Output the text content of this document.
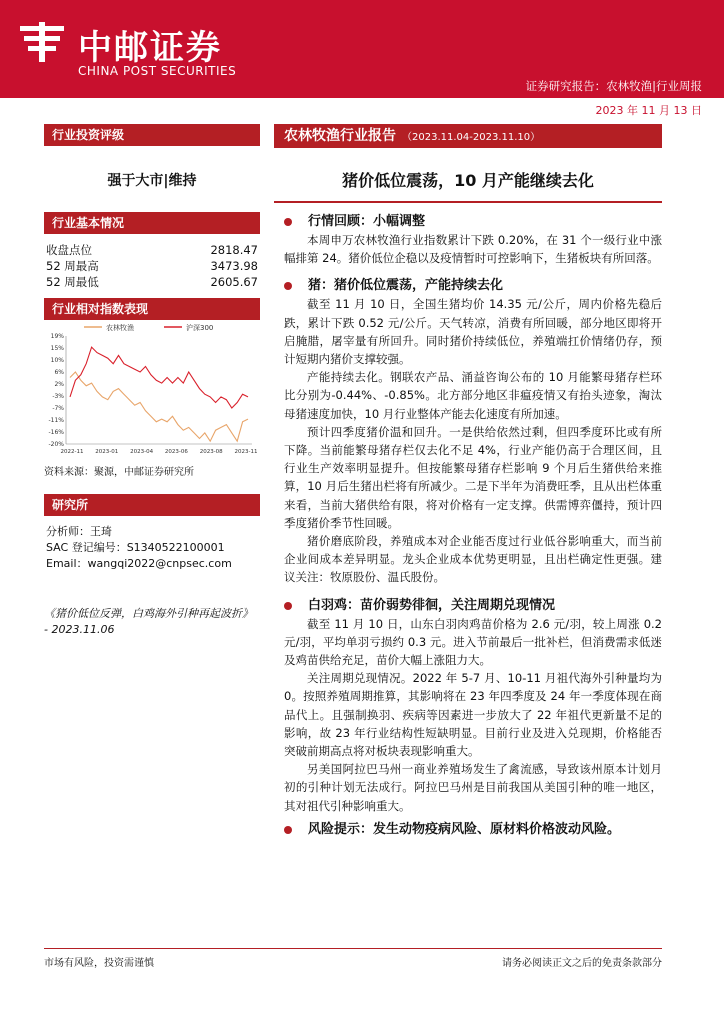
中邮证券
CHINA POST SECURITIES
证券研究报告：农林牧渔|行业周报
2023 年 11 月 13 日
行业投资评级
强于大市|维持
行业基本情况
收盘点位	2818.47
52 周最高	3473.98
52 周最低	2605.67
行业相对指数表现
农林牧渔	沪深300
19%
15%
10%
6%
2%
-3%
-7%
-11%
-16%
-20%
2022-11 2023-01 2023-04 2023-06 2023-08 2023-11
资料来源：聚源，中邮证券研究所
研究所
分析师：王琦
SAC 登记编号：S1340522100001
Email：wangqi2022@cnpsec.com
《猪价低位反弹，白鸡海外引种再起波折》 - 2023.11.06
农林牧渔行业报告 （2023.11.04-2023.11.10）
猪价低位震荡，10 月产能继续去化
行情回顾：小幅调整

本周申万农林牧渔行业指数累计下跌 0.20%，在 31 个一级行业中涨幅排第 24。猪价低位企稳以及疫情暂时可控影响下，生猪板块有所回落。

猪：猪价低位震荡，产能持续去化

截至 11 月 10 日，全国生猪均价 14.35 元/公斤，周内价格先稳后跌，累计下跌 0.52 元/公斤。天气转凉，消费有所回暖，部分地区即将开启腌腊，屠宰量有所回升。同时猪价持续低位，养殖端扛价情绪仍存，预计短期内猪价支撑较强。

产能持续去化。钢联农产品、涌益咨询公布的 10 月能繁母猪存栏环比分别为-0.44%、-0.85%。北方部分地区非瘟疫情又有抬头迹象，淘汰母猪速度加快，10 月行业整体产能去化速度有所加速。

预计四季度猪价温和回升。一是供给依然过剩，但四季度环比或有所下降。当前能繁母猪存栏仅去化不足 4%，行业产能仍高于合理区间，且行业生产效率明显提升。但按能繁母猪存栏影响 9 个月后生猪供给来推算，10 月后生猪出栏将有所减少。二是下半年为消费旺季，且从出栏体重来看，当前大猪供给有限，将对价格有一定支撑。供需博弈僵持，预计四季度猪价季节性回暖。

猪价磨底阶段，养殖成本对企业能否度过行业低谷影响重大，而当前企业间成本差异明显。龙头企业成本优势更明显，且出栏确定性更强。建议关注：牧原股份、温氏股份。

白羽鸡：苗价弱势徘徊，关注周期兑现情况

截至 11 月 10 日，山东白羽肉鸡苗价格为 2.6 元/羽，较上周涨 0.2 元/羽，平均单羽亏损约 0.3 元。进入节前最后一批补栏，但消费需求低迷及鸡苗供给充足，苗价大幅上涨阻力大。

关注周期兑现情况。2022 年 5-7 月、10-11 月祖代海外引种量均为 0。按照养殖周期推算，其影响将在 23 年四季度及 24 年一季度体现在商品代上。且强制换羽、疾病等因素进一步放大了 22 年祖代更新量不足的影响，故 23 年行业结构性短缺明显。目前行业及进入兑现期，价格能否突破前期高点将对板块表现影响重大。

另美国阿拉巴马州一商业养殖场发生了禽流感，导致该州原本计划月初的引种计划无法成行。阿拉巴马州是目前我国从美国引种的唯一地区，其对祖代引种影响重大。

风险提示：发生动物疫病风险、原材料价格波动风险。
市场有风险，投资需谨慎	请务必阅读正文之后的免责条款部分
